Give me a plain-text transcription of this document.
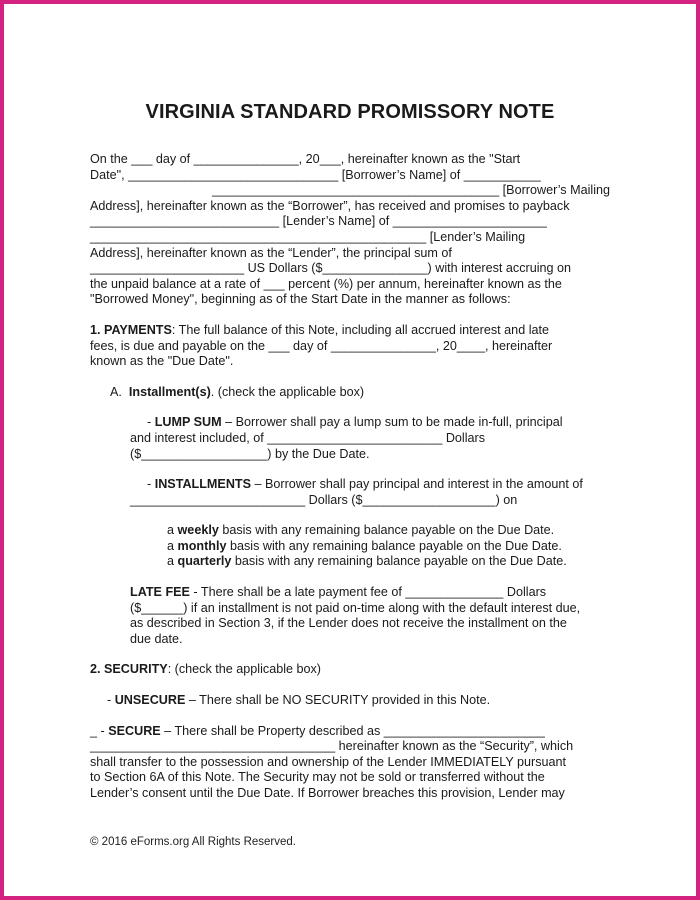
VIRGINIA STANDARD PROMISSORY NOTE

On the ___ day of _______________, 20___, hereinafter known as the "Start

Date", ______________________________ [Borrower’s Name] of ___________

_________________________________________ [Borrower’s Mailing

Address], hereinafter known as the “Borrower”, has received and promises to payback

___________________________ [Lender’s Name] of ______________________

________________________________________________ [Lender’s Mailing

Address], hereinafter known as the “Lender”, the principal sum of

______________________ US Dollars ($_______________) with interest accruing on

the unpaid balance at a rate of ___ percent (%) per annum, hereinafter known as the

"Borrowed Money", beginning as of the Start Date in the manner as follows:

1. PAYMENTS: The full balance of this Note, including all accrued interest and late

fees, is due and payable on the ___ day of _______________, 20____, hereinafter

known as the "Due Date".

A. Installment(s). (check the applicable box)

- LUMP SUM – Borrower shall pay a lump sum to be made in-full, principal

and interest included, of _________________________ Dollars

($__________________) by the Due Date.

- INSTALLMENTS – Borrower shall pay principal and interest in the amount of

_________________________ Dollars ($___________________) on

a weekly basis with any remaining balance payable on the Due Date.

a monthly basis with any remaining balance payable on the Due Date.

a quarterly basis with any remaining balance payable on the Due Date.

LATE FEE - There shall be a late payment fee of ______________ Dollars

($______) if an installment is not paid on-time along with the default interest due,

as described in Section 3, if the Lender does not receive the installment on the

due date.

2. SECURITY: (check the applicable box)

- UNSECURE – There shall be NO SECURITY provided in this Note.

_ - SECURE – There shall be Property described as _______________________

___________________________________ hereinafter known as the “Security”, which

shall transfer to the possession and ownership of the Lender IMMEDIATELY pursuant

to Section 6A of this Note. The Security may not be sold or transferred without the

Lender’s consent until the Due Date. If Borrower breaches this provision, Lender may

© 2016 eForms.org All Rights Reserved.
